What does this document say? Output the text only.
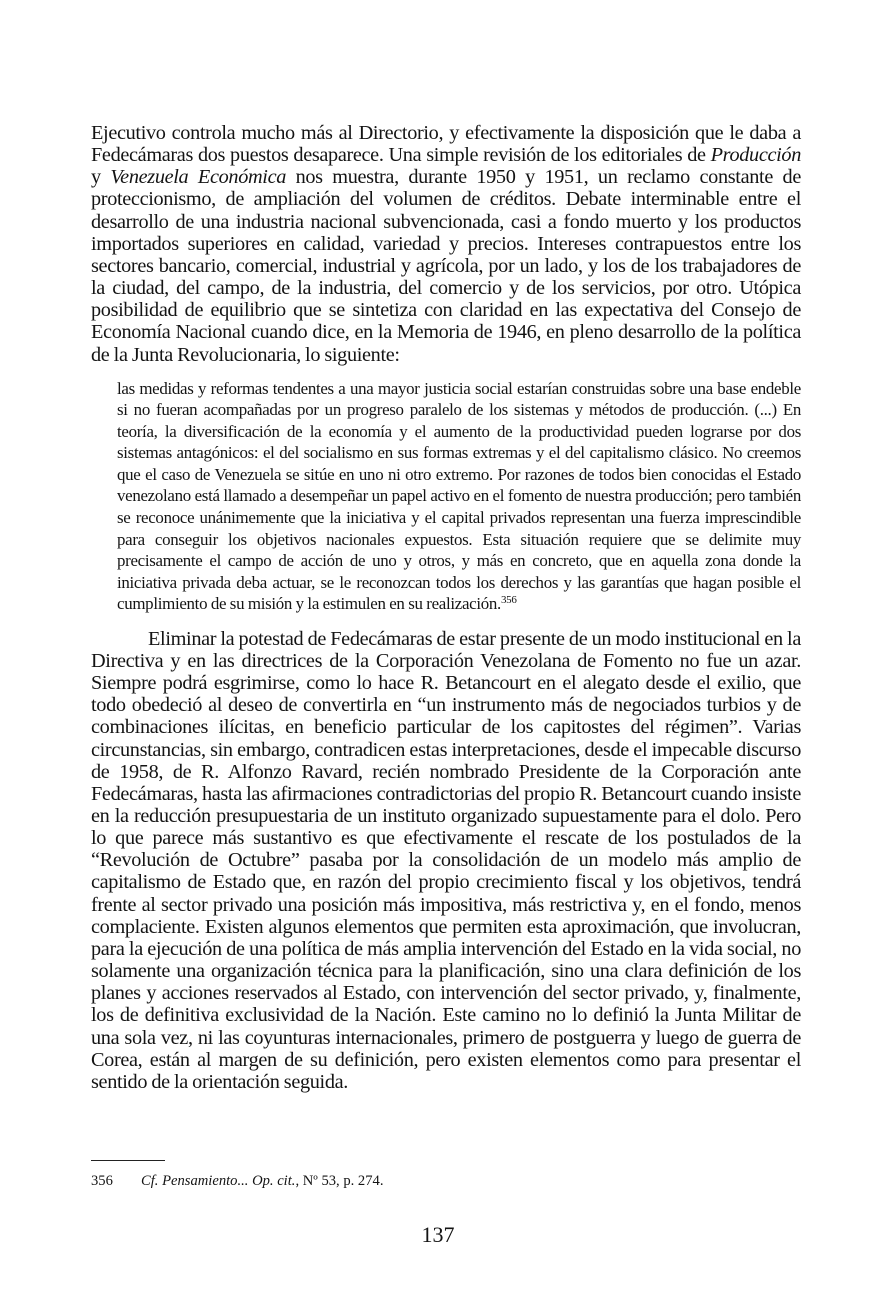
Ejecutivo controla mucho más al Directorio, y efectivamente la disposición que le daba a Fedecámaras dos puestos desaparece. Una simple revisión de los editoriales de Producción y Venezuela Económica nos muestra, durante 1950 y 1951, un reclamo constante de proteccionismo, de ampliación del volumen de créditos. Debate interminable entre el desarrollo de una industria nacional subvencionada, casi a fondo muerto y los productos importados superiores en calidad, variedad y precios. Intereses contrapuestos entre los sectores bancario, comercial, industrial y agrícola, por un lado, y los de los trabajadores de la ciudad, del campo, de la industria, del comercio y de los servicios, por otro. Utópica posibilidad de equilibrio que se sintetiza con claridad en las expectativa del Consejo de Economía Nacional cuando dice, en la Memoria de 1946, en pleno desarrollo de la política de la Junta Revolucionaria, lo siguiente:

las medidas y reformas tendentes a una mayor justicia social estarían construidas sobre una base endeble si no fueran acompañadas por un progreso paralelo de los sistemas y métodos de producción. (...) En teoría, la diversificación de la economía y el aumento de la productividad pueden lograrse por dos sistemas antagónicos: el del socialismo en sus formas extremas y el del capitalismo clásico. No creemos que el caso de Venezuela se sitúe en uno ni otro extremo. Por razones de todos bien conocidas el Estado venezolano está llamado a desempeñar un papel activo en el fomento de nuestra producción; pero también se reconoce unánimemente que la iniciativa y el capital privados representan una fuerza imprescindible para conseguir los objetivos nacionales expuestos. Esta situación requiere que se delimite muy precisamente el campo de acción de uno y otros, y más en concreto, que en aquella zona donde la iniciativa privada deba actuar, se le reconozcan todos los derechos y las garantías que hagan posible el cumplimiento de su misión y la estimulen en su realización.$^{356}$

Eliminar la potestad de Fedecámaras de estar presente de un modo institucional en la Directiva y en las directrices de la Corporación Venezolana de Fomento no fue un azar. Siempre podrá esgrimirse, como lo hace R. Betancourt en el alegato desde el exilio, que todo obedeció al deseo de convertirla en “un instrumento más de negociados turbios y de combinaciones ilícitas, en beneficio particular de los capitostes del régimen”. Varias circunstancias, sin embargo, contradicen estas interpretaciones, desde el impecable discurso de 1958, de R. Alfonzo Ravard, recién nombrado Presidente de la Corporación ante Fedecámaras, hasta las afirmaciones contradictorias del propio R. Betancourt cuando insiste en la reducción presupuestaria de un instituto organizado supuestamente para el dolo. Pero lo que parece más sustantivo es que efectivamente el rescate de los postulados de la “Revolución de Octubre” pasaba por la consolidación de un modelo más amplio de capitalismo de Estado que, en razón del propio crecimiento fiscal y los objetivos, tendrá frente al sector privado una posición más impositiva, más restrictiva y, en el fondo, menos complaciente. Existen algunos elementos que permiten esta aproximación, que involucran, para la ejecución de una política de más amplia intervención del Estado en la vida social, no solamente una organización técnica para la planificación, sino una clara definición de los planes y acciones reservados al Estado, con intervención del sector privado, y, finalmente, los de definitiva exclusividad de la Nación. Este camino no lo definió la Junta Militar de una sola vez, ni las coyunturas internacionales, primero de postguerra y luego de guerra de Corea, están al margen de su definición, pero existen elementos como para presentar el sentido de la orientación seguida.

356 Cf. Pensamiento... Op. cit., Nº 53, p. 274.
137
